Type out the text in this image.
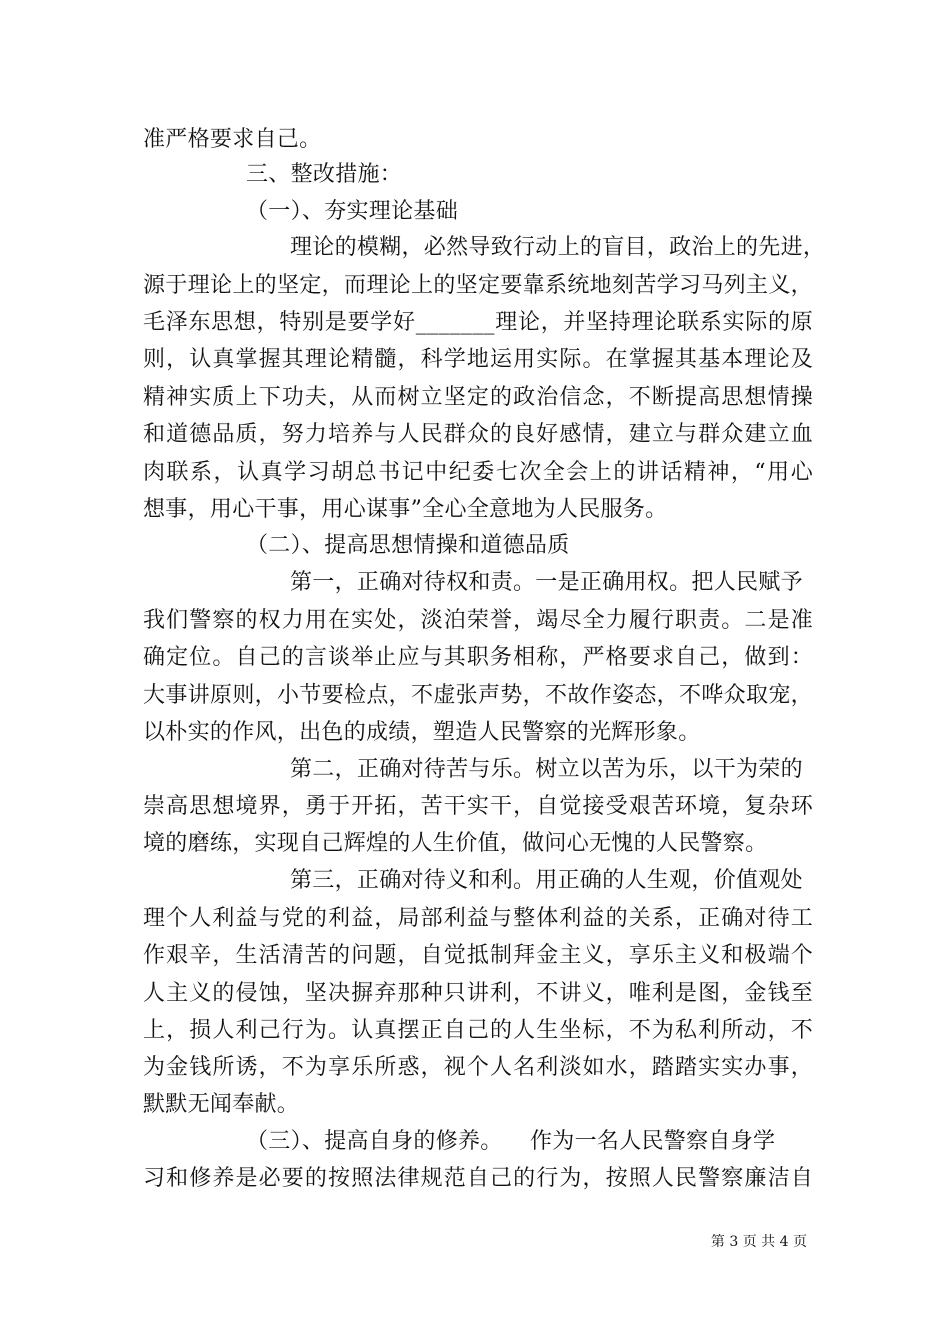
准严格要求自己。
三、整改措施：
（一）、夯实理论基础
理论的模糊，必然导致行动上的盲目，政治上的先进，
源于理论上的坚定，而理论上的坚定要靠系统地刻苦学习马列主义，
毛泽东思想，特别是要学好_______理论，并坚持理论联系实际的原
则，认真掌握其理论精髓，科学地运用实际。在掌握其基本理论及
精神实质上下功夫，从而树立坚定的政治信念，不断提高思想情操
和道德品质，努力培养与人民群众的良好感情，建立与群众建立血
肉联系，认真学习胡总书记中纪委七次全会上的讲话精神，“用心
想事，用心干事，用心谋事”全心全意地为人民服务。
（二）、提高思想情操和道德品质
第一，正确对待权和责。一是正确用权。把人民赋予
我们警察的权力用在实处，淡泊荣誉，竭尽全力履行职责。二是准
确定位。自己的言谈举止应与其职务相称，严格要求自己，做到：
大事讲原则，小节要检点，不虚张声势，不故作姿态，不哗众取宠，
以朴实的作风，出色的成绩，塑造人民警察的光辉形象。
第二，正确对待苦与乐。树立以苦为乐，以干为荣的
崇高思想境界，勇于开拓，苦干实干，自觉接受艰苦环境，复杂环
境的磨练，实现自己辉煌的人生价值，做问心无愧的人民警察。
第三，正确对待义和利。用正确的人生观，价值观处
理个人利益与党的利益，局部利益与整体利益的关系，正确对待工
作艰辛，生活清苦的问题，自觉抵制拜金主义，享乐主义和极端个
人主义的侵蚀，坚决摒弃那种只讲利，不讲义，唯利是图，金钱至
上，损人利己行为。认真摆正自己的人生坐标，不为私利所动，不
为金钱所诱，不为享乐所惑，视个人名利淡如水，踏踏实实办事，
默默无闻奉献。
（三）、提高自身的修养。 作为一名人民警察自身学
习和修养是必要的按照法律规范自己的行为，按照人民警察廉洁自
第 3 页 共 4 页
